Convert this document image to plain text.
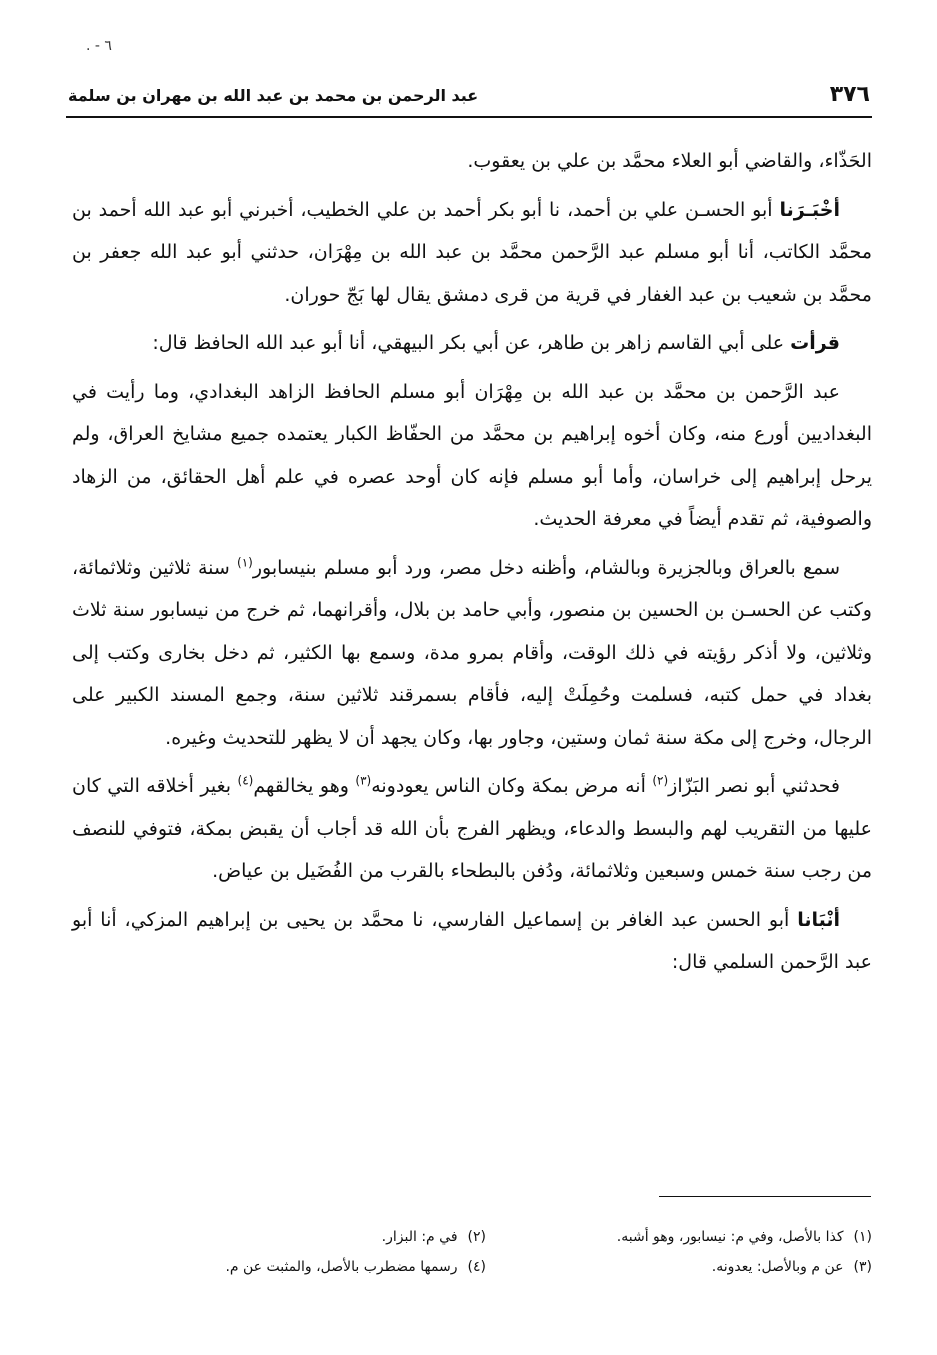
. - ٦
٣٧٦
عبد الرحمن بن محمد بن عبد الله بن مهران بن سلمة

الحَذّاء، والقاضي أبو العلاء محمَّد بن علي بن يعقوب.

أخْبَـرَنا أبو الحسـن علي بن أحمد، نا أبو بكر أحمد بن علي الخطيب، أخبرني أبو عبد الله أحمد بن محمَّد الكاتب، أنا أبو مسلم عبد الرَّحمن محمَّد بن عبد الله بن مِهْرَان، حدثني أبو عبد الله جعفر بن محمَّد بن شعيب بن عبد الغفار في قرية من قرى دمشق يقال لها بَجّ حوران.

قرأت على أبي القاسم زاهر بن طاهر، عن أبي بكر البيهقي، أنا أبو عبد الله الحافظ قال:

عبد الرَّحمن بن محمَّد بن عبد الله بن مِهْرَان أبو مسلم الحافظ الزاهد البغدادي، وما رأيت في البغداديين أورع منه، وكان أخوه إبراهيم بن محمَّد من الحفّاظ الكبار يعتمده جميع مشايخ العراق، ولم يرحل إبراهيم إلى خراسان، وأما أبو مسلم فإنه كان أوحد عصره في علم أهل الحقائق، من الزهاد والصوفية، ثم تقدم أيضاً في معرفة الحديث.

سمع بالعراق وبالجزيرة وبالشام، وأظنه دخل مصر، ورد أبو مسلم بنيسابور$^{(١)}$ سنة ثلاثين وثلاثمائة، وكتب عن الحسـن بن الحسين بن منصور، وأبي حامد بن بلال، وأقرانهما، ثم خرج من نيسابور سنة ثلاث وثلاثين، ولا أذكر رؤيته في ذلك الوقت، وأقام بمرو مدة، وسمع بها الكثير، ثم دخل بخارى وكتب إلى بغداد في حمل كتبه، فسلمت وحُمِلَتْ إليه، فأقام بسمرقند ثلاثين سنة، وجمع المسند الكبير على الرجال، وخرج إلى مكة سنة ثمان وستين، وجاور بها، وكان يجهد أن لا يظهر للتحديث وغيره.

فحدثني أبو نصر البَزّاز$^{(٢)}$ أنه مرض بمكة وكان الناس يعودونه$^{(٣)}$ وهو يخالقهم$^{(٤)}$ بغير أخلاقه التي كان عليها من التقريب لهم والبسط والدعاء، ويظهر الفرج بأن الله قد أجاب أن يقبض بمكة، فتوفي للنصف من رجب سنة خمس وسبعين وثلاثمائة، ودُفن بالبطحاء بالقرب من الفُضَيل بن عياض.

أنْبَانا أبو الحسن عبد الغافر بن إسماعيل الفارسي، نا محمَّد بن يحيى بن إبراهيم المزكي، أنا أبو عبد الرَّحمن السلمي قال:

(١)كذا بالأصل، وفي م: نيسابور، وهو أشبه.
(٢)في م: البزار.
(٣)عن م وبالأصل: يعدونه.
(٤)رسمها مضطرب بالأصل، والمثبت عن م.
